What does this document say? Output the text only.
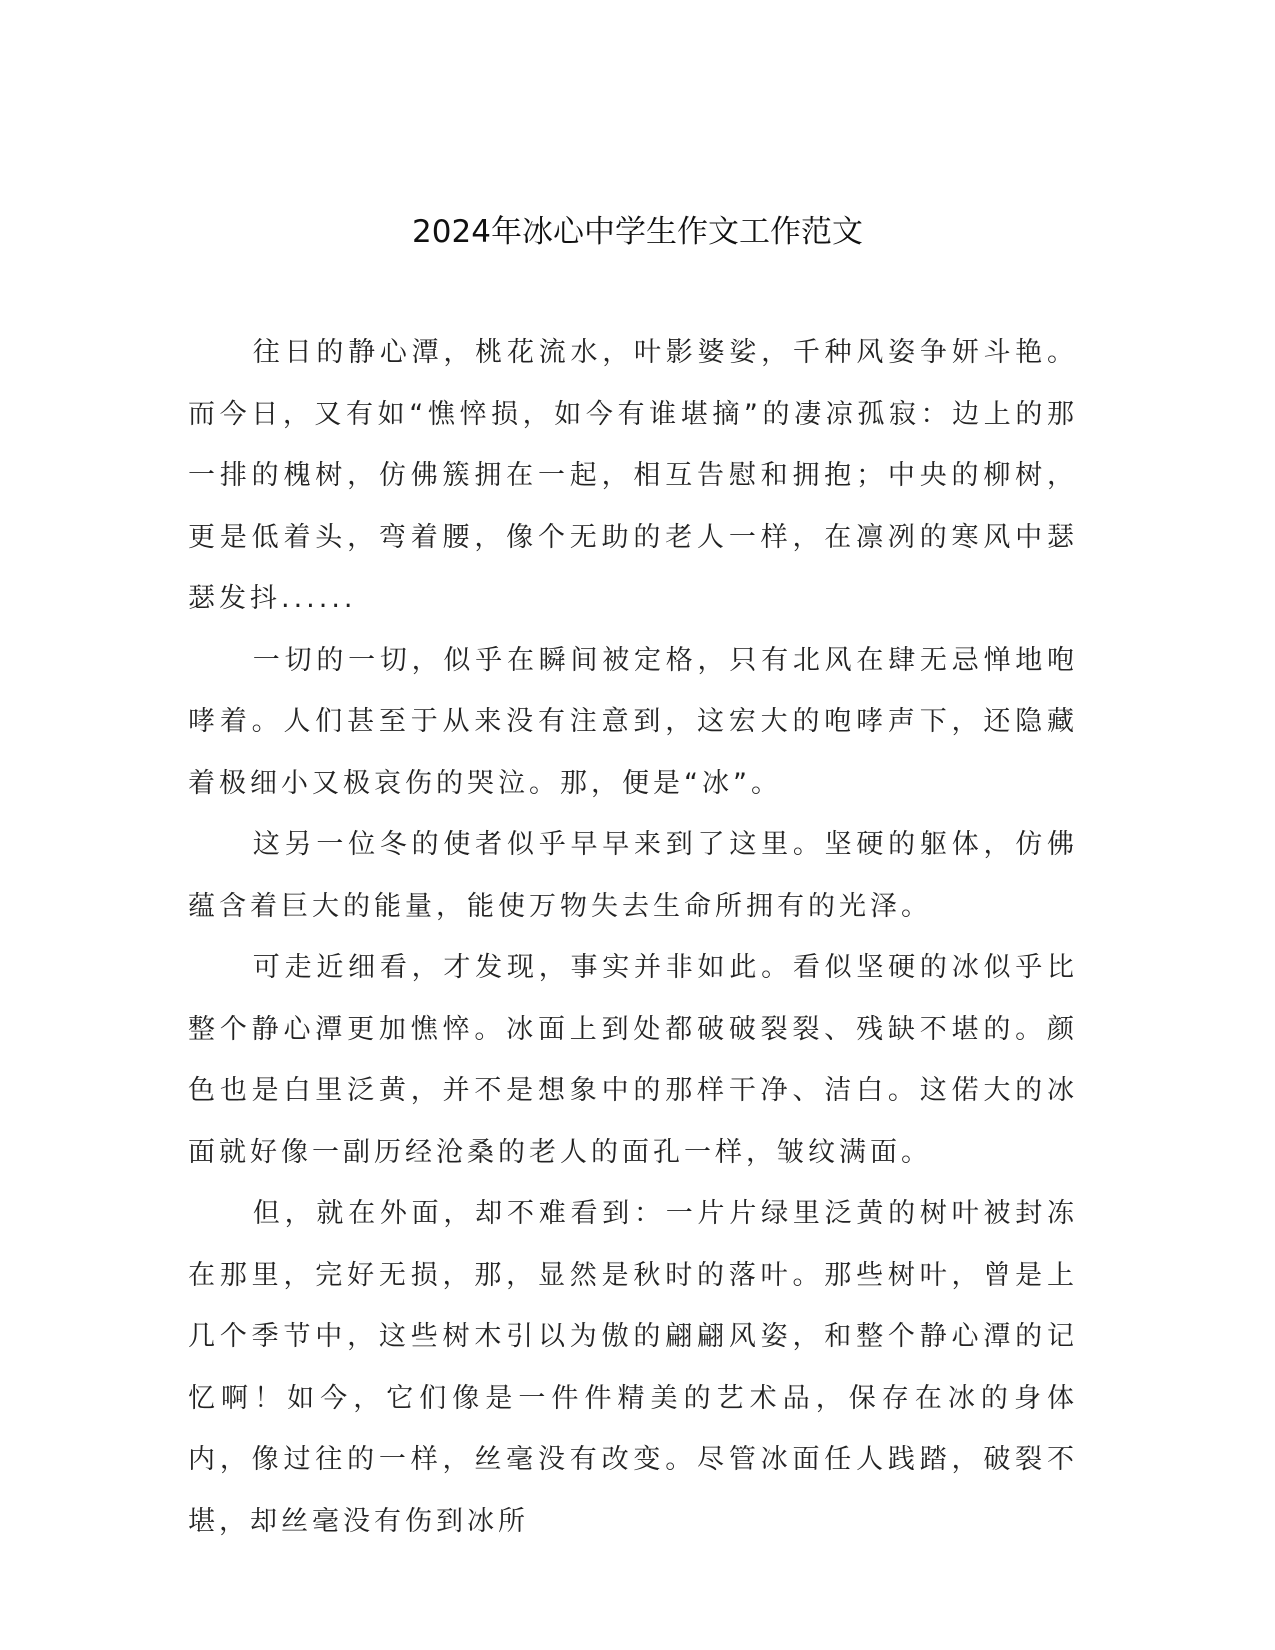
2024年冰心中学生作文工作范文

往日的静心潭，桃花流水，叶影婆娑，千种风姿争妍斗艳。而今日，又有如“憔悴损，如今有谁堪摘”的凄凉孤寂：边上的那一排的槐树，仿佛簇拥在一起，相互告慰和拥抱；中央的柳树，更是低着头，弯着腰，像个无助的老人一样，在凛冽的寒风中瑟瑟发抖......

一切的一切，似乎在瞬间被定格，只有北风在肆无忌惮地咆哮着。人们甚至于从来没有注意到，这宏大的咆哮声下，还隐藏着极细小又极哀伤的哭泣。那，便是“冰”。

这另一位冬的使者似乎早早来到了这里。坚硬的躯体，仿佛蕴含着巨大的能量，能使万物失去生命所拥有的光泽。

可走近细看，才发现，事实并非如此。看似坚硬的冰似乎比整个静心潭更加憔悴。冰面上到处都破破裂裂、残缺不堪的。颜色也是白里泛黄，并不是想象中的那样干净、洁白。这偌大的冰面就好像一副历经沧桑的老人的面孔一样，皱纹满面。

但，就在外面，却不难看到：一片片绿里泛黄的树叶被封冻在那里，完好无损，那，显然是秋时的落叶。那些树叶，曾是上几个季节中，这些树木引以为傲的翩翩风姿，和整个静心潭的记忆啊！如今，它们像是一件件精美的艺术品，保存在冰的身体内，像过往的一样，丝毫没有改变。尽管冰面任人践踏，破裂不堪，却丝毫没有伤到冰所
